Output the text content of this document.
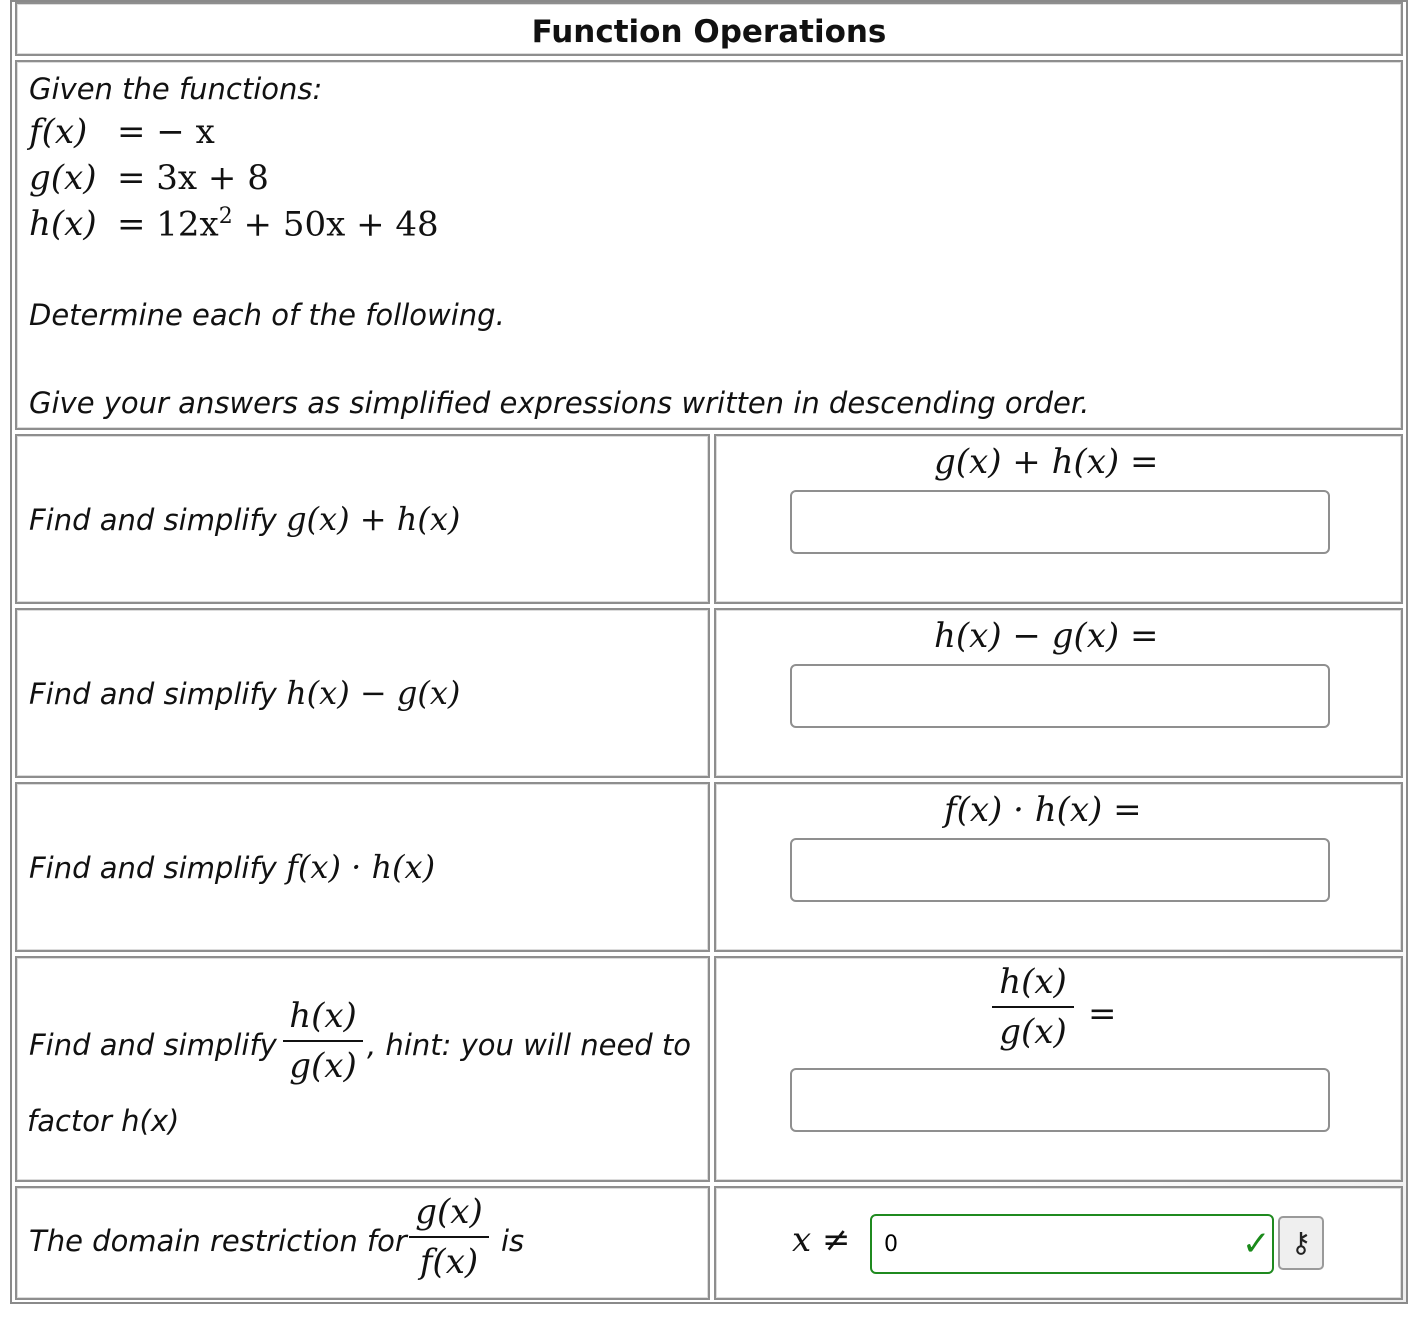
Function Operations
Given the functions:
f(x) = − x
g(x) = 3x + 8
$h(x) = 12x^2 + 50x + 48$
Determine each of the following.
Give your answers as simplified expressions written in descending order.
Find and simplify g(x) + h(x)
g(x) + h(x) =
Find and simplify h(x) − g(x)
h(x) − g(x) =
Find and simplify f(x) · h(x)
f(x) · h(x) =
Find and simplify
h(x)
g(x)
, hint: you will need to
factor h(x)
h(x)
g(x) =
The domain restriction for
g(x)
f(x)
is	x ≠
0	✓ ⚷
